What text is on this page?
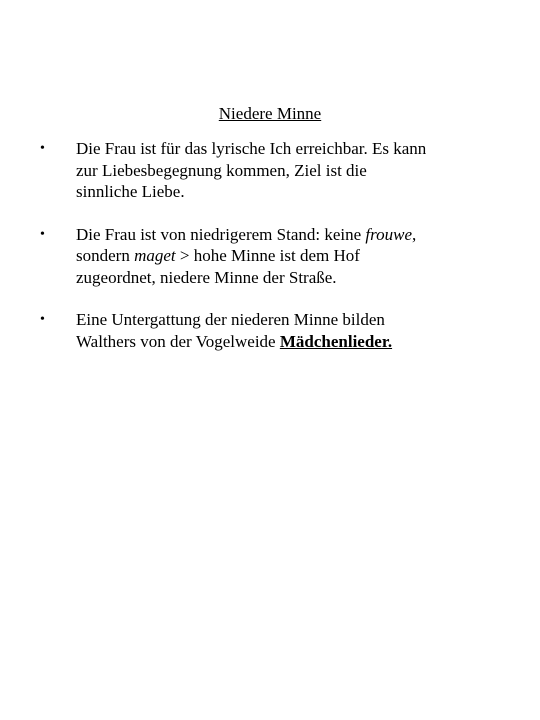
Niedere Minne
• Die Frau ist für das lyrische Ich erreichbar. Es kann
zur Liebesbegegnung kommen, Ziel ist die
sinnliche Liebe.
• Die Frau ist von niedrigerem Stand: keine frouwe,
sondern maget > hohe Minne ist dem Hof
zugeordnet, niedere Minne der Straße.
• Eine Untergattung der niederen Minne bilden
Walthers von der Vogelweide Mädchenlieder.
